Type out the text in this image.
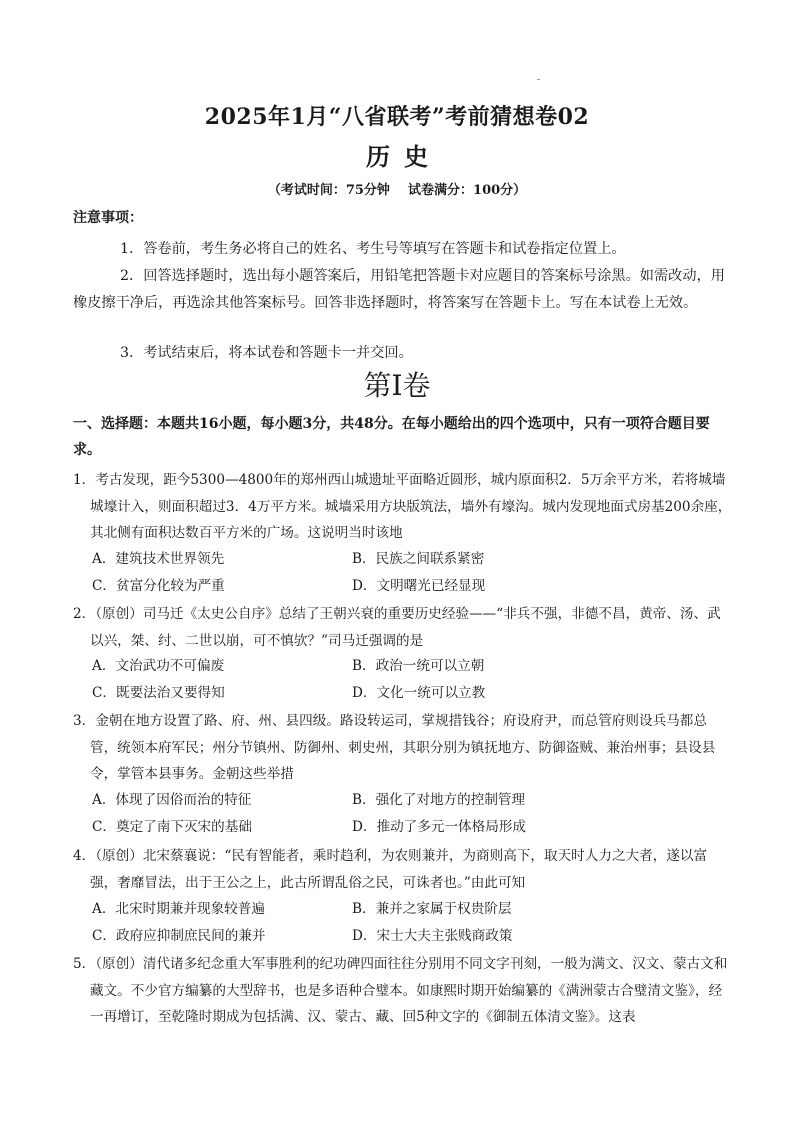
2025年1月“八省联考”考前猜想卷02
历史
（考试时间：75分钟    试卷满分：100分）
注意事项：
1．答卷前，考生务必将自己的姓名、考生号等填写在答题卡和试卷指定位置上。
2．回答选择题时，选出每小题答案后，用铅笔把答题卡对应题目的答案标号涂黑。如需改动，用橡皮擦干净后，再选涂其他答案标号。回答非选择题时，将答案写在答题卡上。写在本试卷上无效。
3．考试结束后，将本试卷和答题卡一并交回。
第Ⅰ卷
一、选择题：本题共16小题，每小题3分，共48分。在每小题给出的四个选项中，只有一项符合题目要求。

1．考古发现，距今5300—4800年的郑州西山城遗址平面略近圆形，城内原面积2．5万余平方米，若将城墙城壕计入，则面积超过3．4万平方米。城墙采用方块版筑法，墙外有壕沟。城内发现地面式房基200余座，其北侧有面积达数百平方米的广场。这说明当时该地

A．建筑技术世界领先	B．民族之间联系紧密
C．贫富分化较为严重	D．文明曙光已经显现

2．（原创）司马迁《太史公自序》总结了王朝兴衰的重要历史经验——“非兵不强，非德不昌，黄帝、汤、武以兴，桀、纣、二世以崩，可不慎欤？”司马迁强调的是

A．文治武功不可偏废	B．政治一统可以立朝
C．既要法治又要得知	D．文化一统可以立教

3．金朝在地方设置了路、府、州、县四级。路设转运司，掌规措钱谷；府设府尹，而总管府则设兵马都总管，统领本府军民；州分节镇州、防御州、刺史州，其职分别为镇抚地方、防御盗贼、兼治州事；县设县令，掌管本县事务。金朝这些举措

A．体现了因俗而治的特征	B．强化了对地方的控制管理
C．奠定了南下灭宋的基础	D．推动了多元一体格局形成

4．（原创）北宋蔡襄说：“民有智能者，乘时趋利，为农则兼并，为商则高下，取天时人力之大者，遂以富强，奢靡冒法，出于王公之上，此古所谓乱俗之民，可诛者也。”由此可知

A．北宋时期兼并现象较普遍	B．兼并之家属于权贵阶层
C．政府应抑制庶民间的兼并	D．宋士大夫主张贱商政策

5．（原创）清代诸多纪念重大军事胜利的纪功碑四面往往分别用不同文字刊刻，一般为满文、汉文、蒙古文和藏文。不少官方编纂的大型辞书，也是多语种合璧本。如康熙时期开始编纂的《满洲蒙古合璧清文鉴》，经一再增订，至乾隆时期成为包括满、汉、蒙古、藏、回5种文字的《御制五体清文鉴》。这表
